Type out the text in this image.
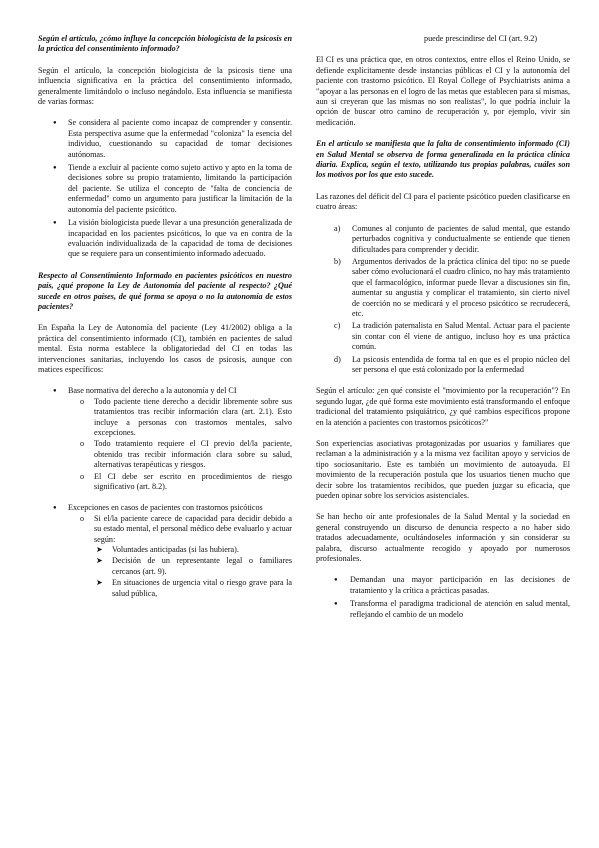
Según el artículo, ¿cómo influye la concepción biologicista de la psicosis en la práctica del consentimiento informado?

Según el artículo, la concepción biologicista de la psicosis tiene una influencia significativa en la práctica del consentimiento informado, generalmente limitándolo o incluso negándolo. Esta influencia se manifiesta de varias formas:

● Se considera al paciente como incapaz de comprender y consentir. Esta perspectiva asume que la enfermedad "coloniza" la esencia del individuo, cuestionando su capacidad de tomar decisiones autónomas.
● Tiende a excluir al paciente como sujeto activo y apto en la toma de decisiones sobre su propio tratamiento, limitando la participación del paciente. Se utiliza el concepto de "falta de conciencia de enfermedad" como un argumento para justificar la limitación de la autonomía del paciente psicótico.
● La visión biologicista puede llevar a una presunción generalizada de incapacidad en los pacientes psicóticos, lo que va en contra de la evaluación individualizada de la capacidad de toma de decisiones que se requiere para un consentimiento informado adecuado.
Respecto al Consentimiento Informado en pacientes psicóticos en nuestro país, ¿qué propone la Ley de Autonomía del paciente al respecto? ¿Qué sucede en otros países, de qué forma se apoya o no la autonomía de estos pacientes?

En España la Ley de Autonomía del paciente (Ley 41/2002) obliga a la práctica del consentimiento informado (CI), también en pacientes de salud mental. Esta norma establece la obligatoriedad del CI en todas las intervenciones sanitarias, incluyendo los casos de psicosis, aunque con matices específicos:

● Base normativa del derecho a la autonomía y del CI
o Todo paciente tiene derecho a decidir libremente sobre sus tratamientos tras recibir información clara (art. 2.1). Esto incluye a personas con trastornos mentales, salvo excepciones.
o Todo tratamiento requiere el CI previo del/la paciente, obtenido tras recibir información clara sobre su salud, alternativas terapéuticas y riesgos.
o El CI debe ser escrito en procedimientos de riesgo significativo (art. 8.2).
● Excepciones en casos de pacientes con trastornos psicóticos
o Si el/la paciente carece de capacidad para decidir debido a su estado mental, el personal médico debe evaluarlo y actuar según:
➤ Voluntades anticipadas (si las hubiera).
➤ Decisión de un representante legal o familiares cercanos (art. 9).
➤ En situaciones de urgencia vital o riesgo grave para la salud pública,
puede prescindirse del CI (art. 9.2)

El CI es una práctica que, en otros contextos, entre ellos el Reino Unido, se defiende explícitamente desde instancias públicas el CI y la autonomía del paciente con trastorno psicótico. El Royal College of Psychiatrists anima a "apoyar a las personas en el logro de las metas que establecen para sí mismas, aun si creyeran que las mismas no son realistas", lo que podría incluir la opción de buscar otro camino de recuperación y, por ejemplo, vivir sin medicación.

En el artículo se manifiesta que la falta de consentimiento informado (CI) en Salud Mental se observa de forma generalizada en la práctica clínica diaria. Explica, según el texto, utilizando tus propias palabras, cuáles son los motivos por los que esto sucede.

Las razones del déficit del CI para el paciente psicótico pueden clasificarse en cuatro áreas:

a) Comunes al conjunto de pacientes de salud mental, que estando perturbados cognitiva y conductualmente se entiende que tienen dificultades para comprender y decidir.
b) Argumentos derivados de la práctica clínica del tipo: no se puede saber cómo evolucionará el cuadro clínico, no hay más tratamiento que el farmacológico, informar puede llevar a discusiones sin fin, aumentar su angustia y complicar el tratamiento, sin cierto nivel de coerción no se medicará y el proceso psicótico se recrudecerá, etc.
c) La tradición paternalista en Salud Mental. Actuar para el paciente sin contar con él viene de antiguo, incluso hoy es una práctica común.
d) La psicosis entendida de forma tal en que es el propio núcleo del ser persona el que está colonizado por la enfermedad

Según el artículo: ¿en qué consiste el "movimiento por la recuperación"? En segundo lugar, ¿de qué forma este movimiento está transformando el enfoque tradicional del tratamiento psiquiátrico, ¿y qué cambios específicos propone en la atención a pacientes con trastornos psicóticos?"

Son experiencias asociativas protagonizadas por usuarios y familiares que reclaman a la administración y a la misma vez facilitan apoyo y servicios de tipo sociosanitario. Este es también un movimiento de autoayuda. El movimiento de la recuperación postula que los usuarios tienen mucho que decir sobre los tratamientos recibidos, que pueden juzgar su eficacia, que pueden opinar sobre los servicios asistenciales.

Se han hecho oír ante profesionales de la Salud Mental y la sociedad en general construyendo un discurso de denuncia respecto a no haber sido tratados adecuadamente, ocultándoseles información y sin considerar su palabra, discurso actualmente recogido y apoyado por numerosos profesionales.

● Demandan una mayor participación en las decisiones de tratamiento y la crítica a prácticas pasadas.
● Transforma el paradigma tradicional de atención en salud mental, reflejando el cambio de un modelo
